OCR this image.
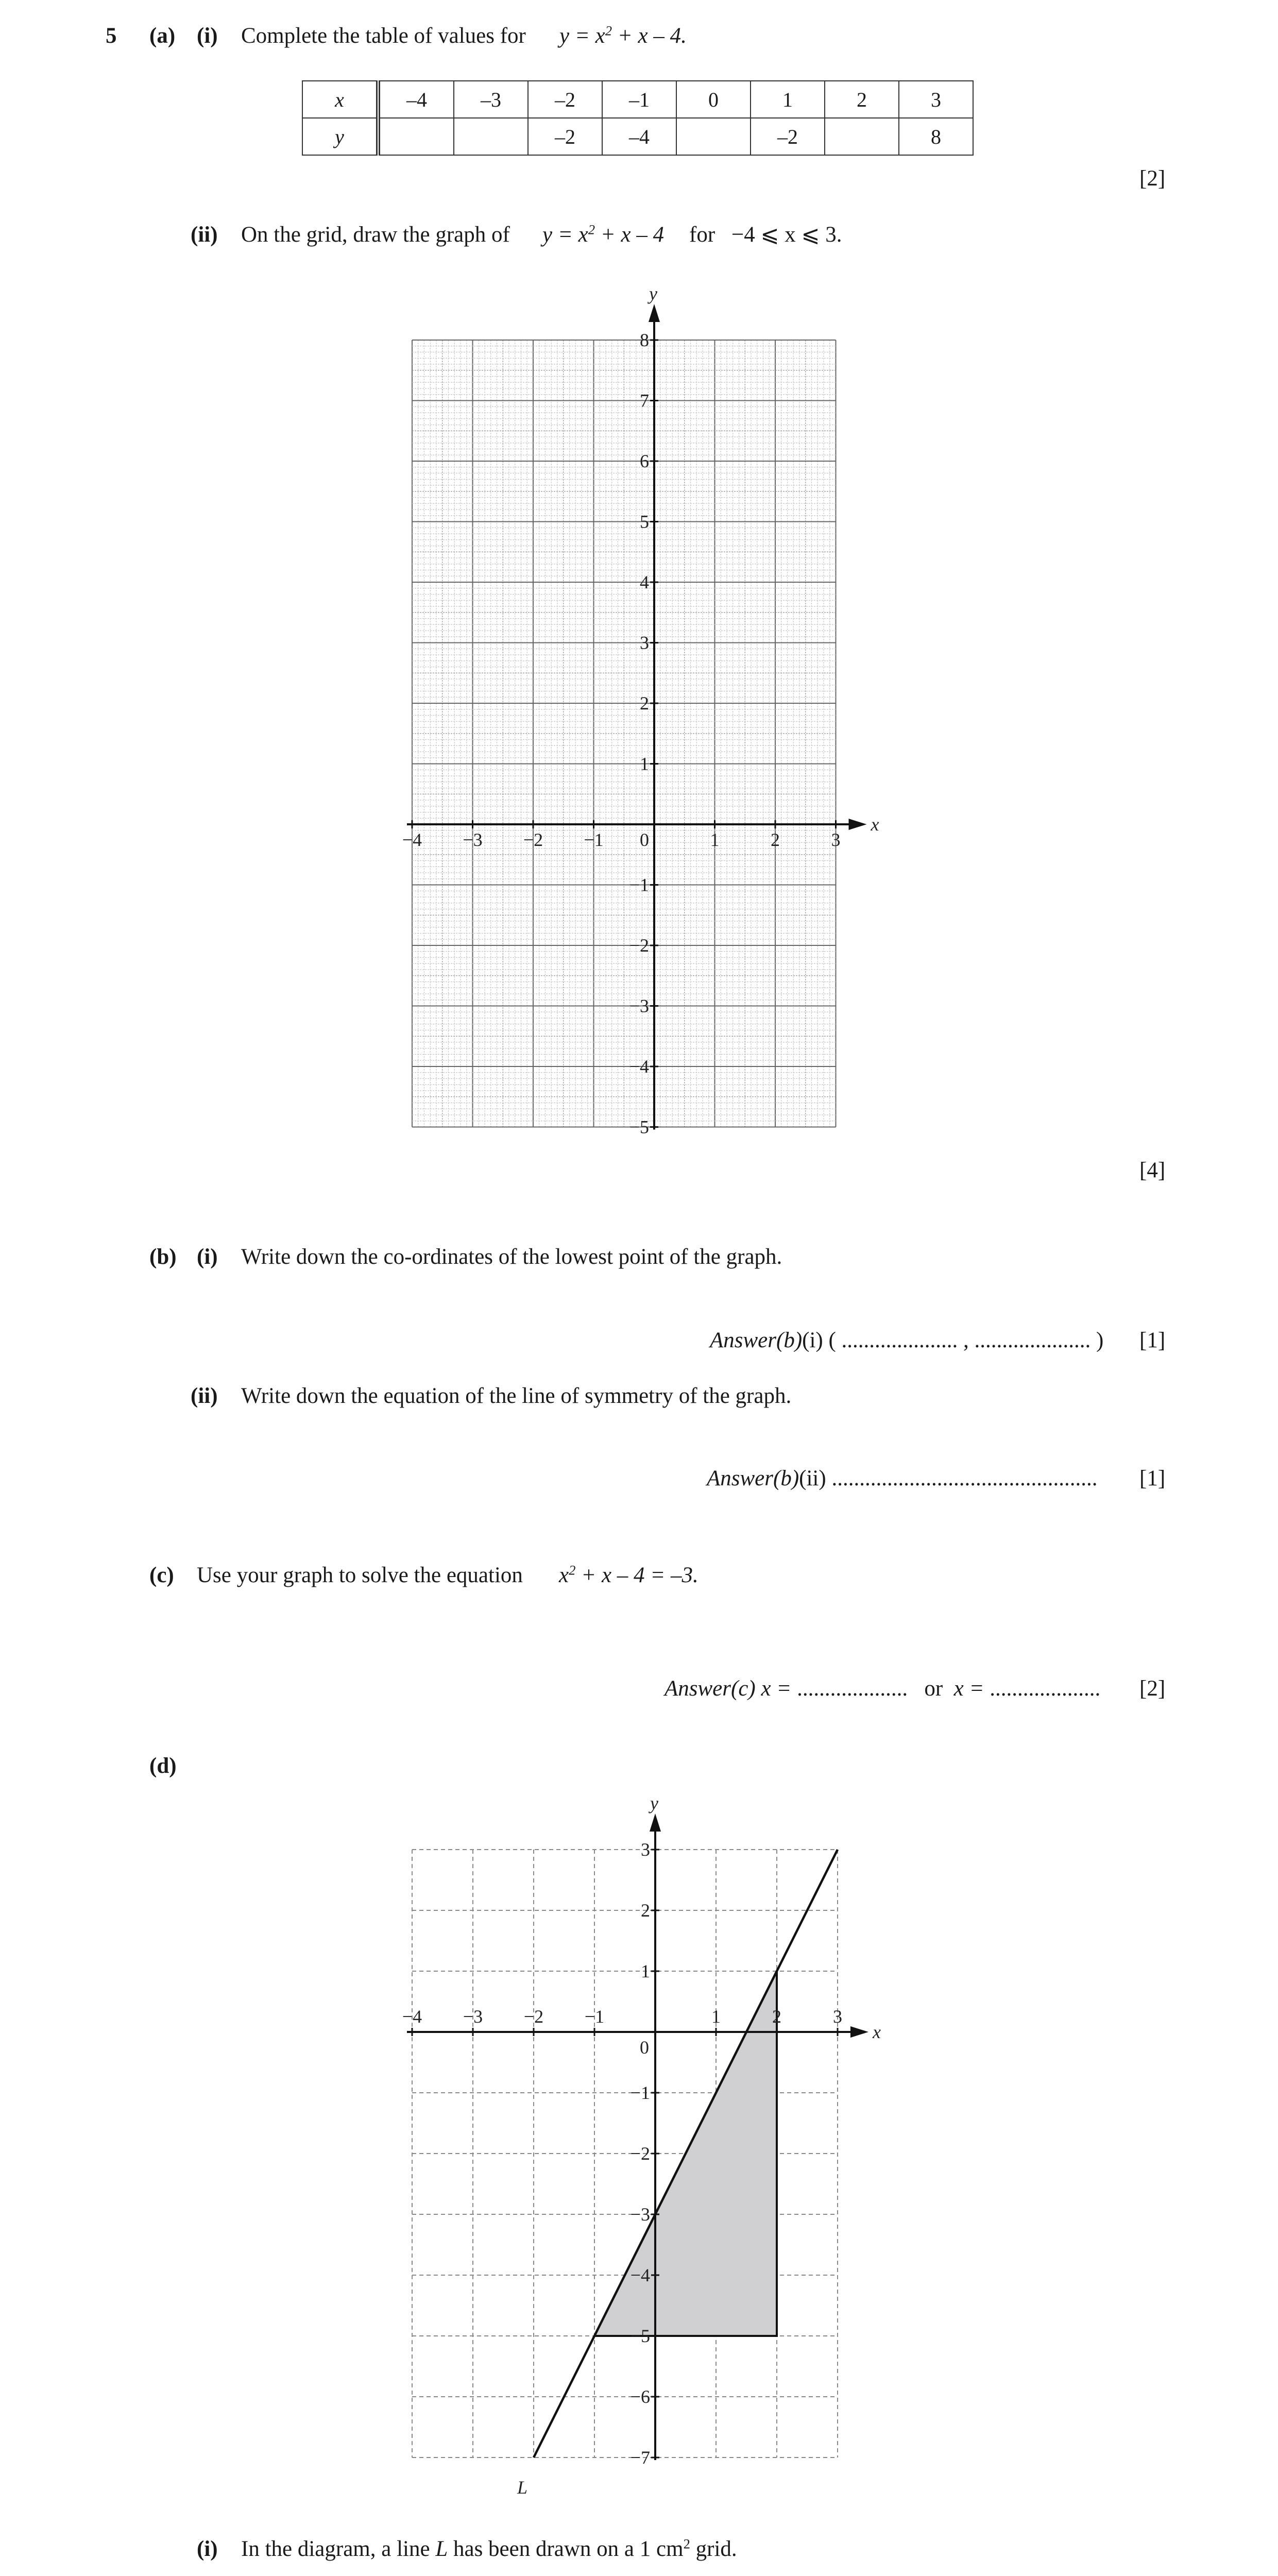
5 (a) (i) Complete the table of values for $y = x^2 + x - 4$.
x	–4	–3	–2	–1	0	1	2	3
y			–2	–4		–2		8
[2]
(ii) On the grid, draw the graph of $y = x^2 + x - 4$ for −4 ⩽ x ⩽ 3.
x
y
−4 −3 −2 −1	1	2	3
0
8
7
6
5
4
3
2
1
−1
−2
−3
−4
−5
[4]
(b) (i) Write down the co-ordinates of the lowest point of the graph.
Answer(b)(i) ( ..................... , ..................... ) [1]
(ii) Write down the equation of the line of symmetry of the graph.
Answer(b)(ii) ................................................ [1]
(c) Use your graph to solve the equation $x^2 + x - 4 = -3$.
Answer(c) x = .................... or x = .................... [2]
(d)
x
y
−4 −3 −2 −1	1	2	3
0
3
2
1
−1
−2
−3
−4
−5
−6
−7
L
(i) In the diagram, a line L has been drawn on a 1 $cm^2$ grid.
